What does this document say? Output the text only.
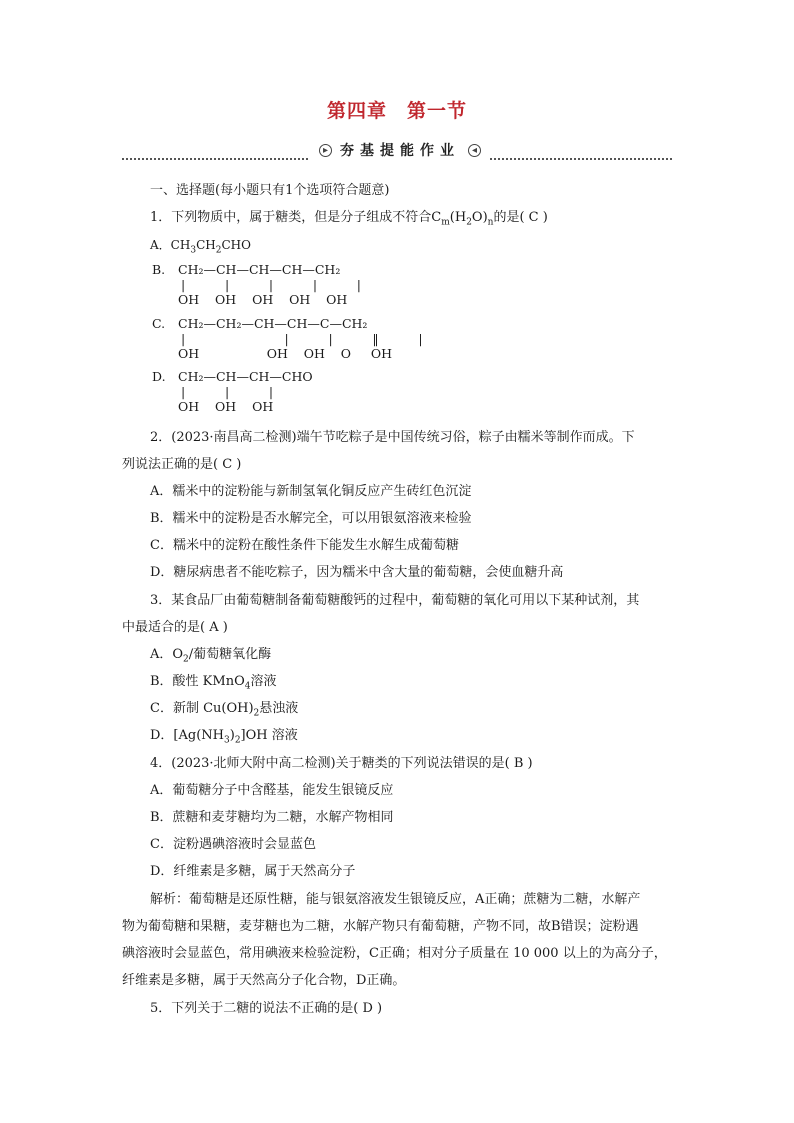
第四章　第一节
▸ 夯基提能作业	◂
一、选择题(每小题只有1个选项符合题意)
1．下列物质中，属于糖类，但是分子组成不符合$C_m(H_2O)_n$的是( C )
A．$CH_3CH_2CHO$
B. CH₂—CH—CH—CH—CH₂
|          |          |          |          |
OH    OH    OH    OH    OH
C. CH₂—CH₂—CH—CH—C—CH₂
|                         |          |          ‖          |
OH                 OH    OH    O     OH
D. CH₂—CH—CH—CHO
|          |          |
OH    OH    OH
2．(2023·南昌高二检测)端午节吃粽子是中国传统习俗，粽子由糯米等制作而成。下
列说法正确的是( C )
A．糯米中的淀粉能与新制氢氧化铜反应产生砖红色沉淀
B．糯米中的淀粉是否水解完全，可以用银氨溶液来检验
C．糯米中的淀粉在酸性条件下能发生水解生成葡萄糖
D．糖尿病患者不能吃粽子，因为糯米中含大量的葡萄糖，会使血糖升高
3．某食品厂由葡萄糖制备葡萄糖酸钙的过程中，葡萄糖的氧化可用以下某种试剂，其
中最适合的是( A )
A．$O_2/$葡萄糖氧化酶
B．酸性 KMnO$_4$溶液
C．新制 $Cu(OH)_2$悬浊液
D．$[Ag(NH_3)_2]OH$ 溶液
4．(2023·北师大附中高二检测)关于糖类的下列说法错误的是( B )
A．葡萄糖分子中含醛基，能发生银镜反应
B．蔗糖和麦芽糖均为二糖，水解产物相同
C．淀粉遇碘溶液时会显蓝色
D．纤维素是多糖，属于天然高分子
解析：葡萄糖是还原性糖，能与银氨溶液发生银镜反应，A正确；蔗糖为二糖，水解产
物为葡萄糖和果糖，麦芽糖也为二糖，水解产物只有葡萄糖，产物不同，故B错误；淀粉遇
碘溶液时会显蓝色，常用碘液来检验淀粉，C正确；相对分子质量在 10 000 以上的为高分子，
纤维素是多糖，属于天然高分子化合物，D正确。
5．下列关于二糖的说法不正确的是( D )
